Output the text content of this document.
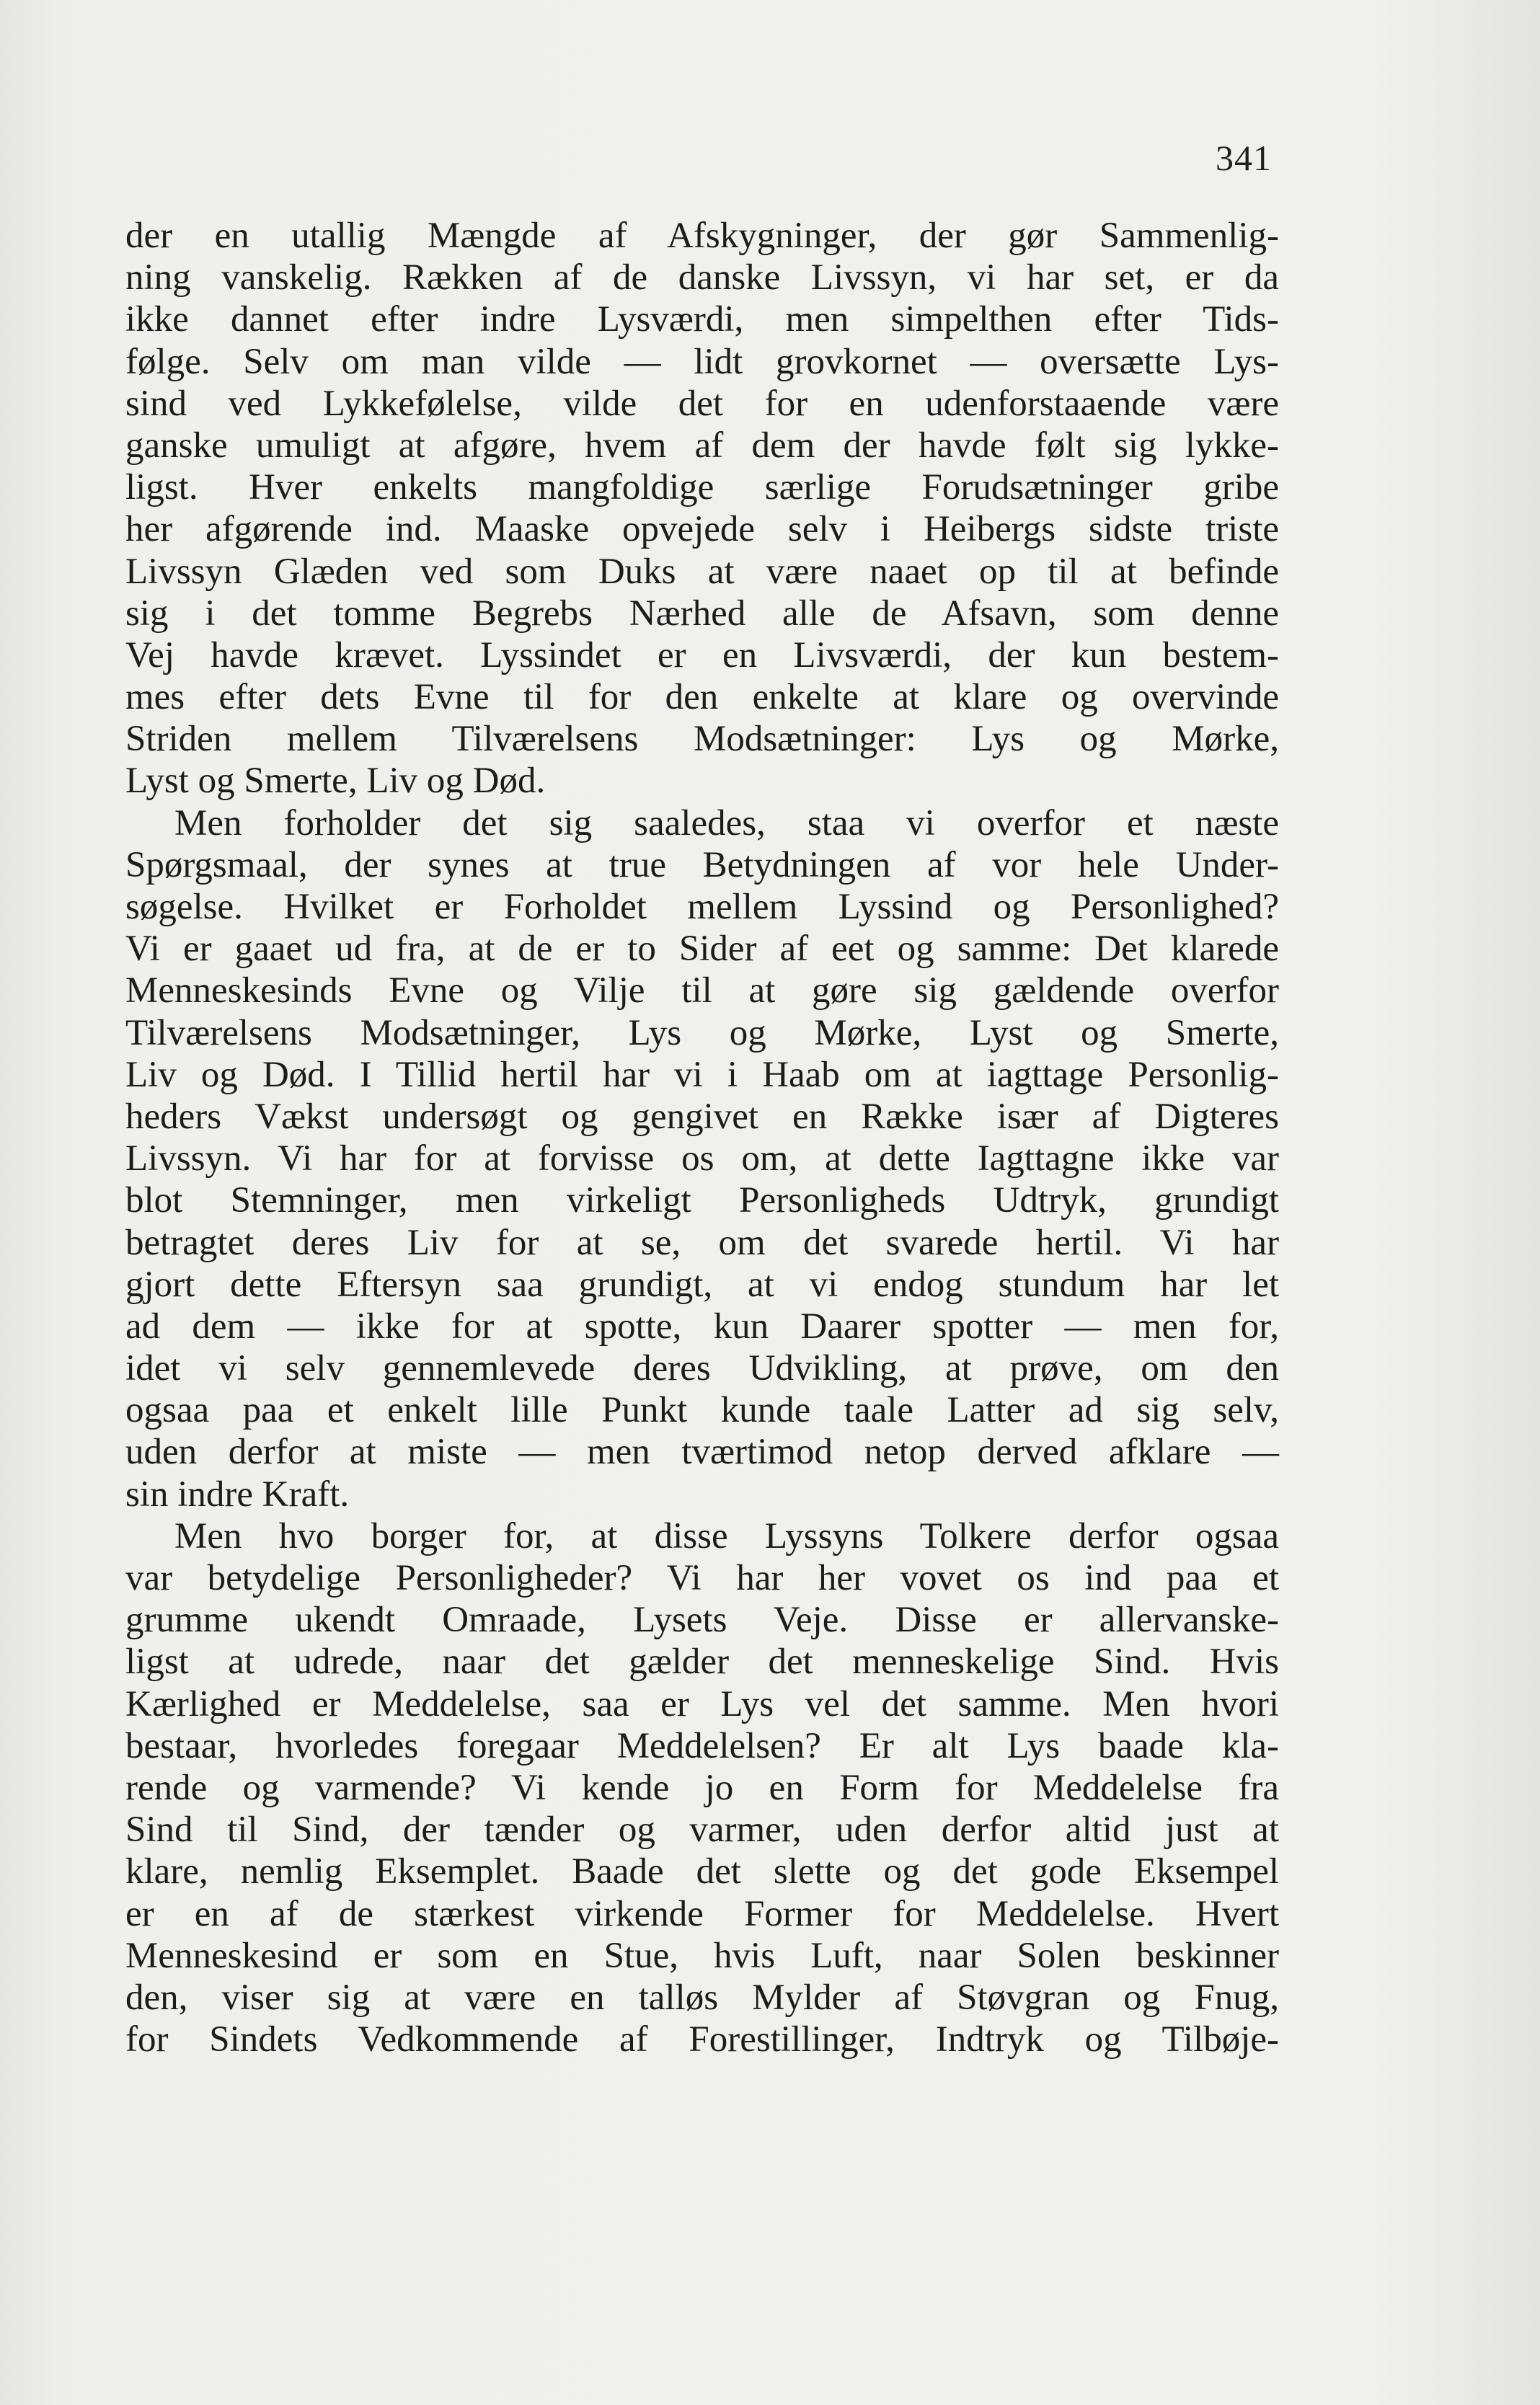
341
der en utallig Mængde af Afskygninger, der gør Sammenlig-
ning vanskelig. Rækken af de danske Livssyn, vi har set, er da
ikke dannet efter indre Lysværdi, men simpelthen efter Tids-
følge. Selv om man vilde — lidt grovkornet — oversætte Lys-
sind ved Lykkefølelse, vilde det for en udenforstaaende være
ganske umuligt at afgøre, hvem af dem der havde følt sig lykke-
ligst. Hver enkelts mangfoldige særlige Forudsætninger gribe
her afgørende ind. Maaske opvejede selv i Heibergs sidste triste
Livssyn Glæden ved som Duks at være naaet op til at befinde
sig i det tomme Begrebs Nærhed alle de Afsavn, som denne
Vej havde krævet. Lyssindet er en Livsværdi, der kun bestem-
mes efter dets Evne til for den enkelte at klare og overvinde
Striden mellem Tilværelsens Modsætninger: Lys og Mørke,
Lyst og Smerte, Liv og Død.
Men forholder det sig saaledes, staa vi overfor et næste
Spørgsmaal, der synes at true Betydningen af vor hele Under-
søgelse. Hvilket er Forholdet mellem Lyssind og Personlighed?
Vi er gaaet ud fra, at de er to Sider af eet og samme: Det klarede
Menneskesinds Evne og Vilje til at gøre sig gældende overfor
Tilværelsens Modsætninger, Lys og Mørke, Lyst og Smerte,
Liv og Død. I Tillid hertil har vi i Haab om at iagttage Personlig-
heders Vækst undersøgt og gengivet en Række især af Digteres
Livssyn. Vi har for at forvisse os om, at dette Iagttagne ikke var
blot Stemninger, men virkeligt Personligheds Udtryk, grundigt
betragtet deres Liv for at se, om det svarede hertil. Vi har
gjort dette Eftersyn saa grundigt, at vi endog stundum har let
ad dem — ikke for at spotte, kun Daarer spotter — men for,
idet vi selv gennemlevede deres Udvikling, at prøve, om den
ogsaa paa et enkelt lille Punkt kunde taale Latter ad sig selv,
uden derfor at miste — men tværtimod netop derved afklare —
sin indre Kraft.
Men hvo borger for, at disse Lyssyns Tolkere derfor ogsaa
var betydelige Personligheder? Vi har her vovet os ind paa et
grumme ukendt Omraade, Lysets Veje. Disse er allervanske-
ligst at udrede, naar det gælder det menneskelige Sind. Hvis
Kærlighed er Meddelelse, saa er Lys vel det samme. Men hvori
bestaar, hvorledes foregaar Meddelelsen? Er alt Lys baade kla-
rende og varmende? Vi kende jo en Form for Meddelelse fra
Sind til Sind, der tænder og varmer, uden derfor altid just at
klare, nemlig Eksemplet. Baade det slette og det gode Eksempel
er en af de stærkest virkende Former for Meddelelse. Hvert
Menneskesind er som en Stue, hvis Luft, naar Solen beskinner
den, viser sig at være en talløs Mylder af Støvgran og Fnug,
for Sindets Vedkommende af Forestillinger, Indtryk og Tilbøje-
